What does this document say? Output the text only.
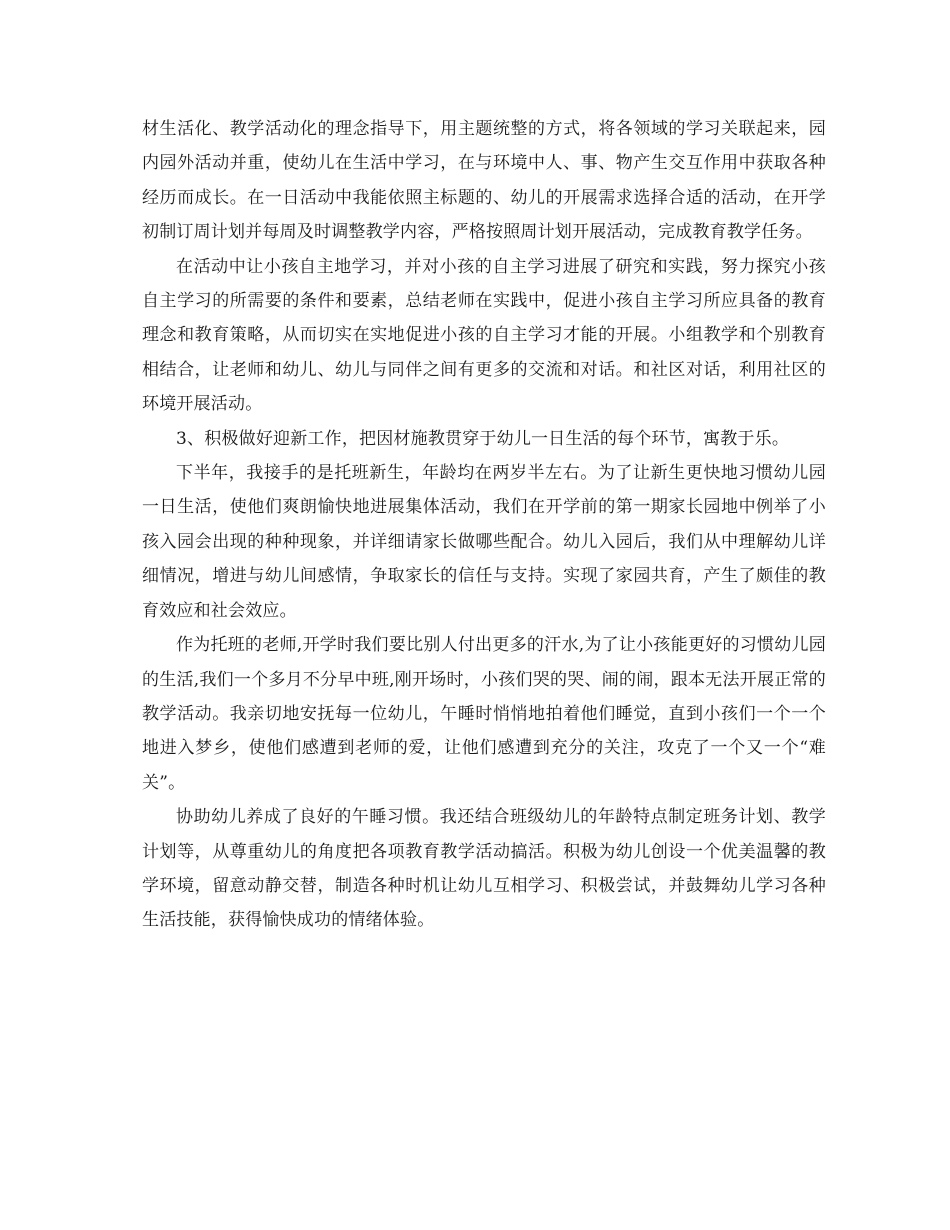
材生活化、教学活动化的理念指导下，用主题统整的方式，将各领域的学习关联起来，园内园外活动并重，使幼儿在生活中学习，在与环境中人、事、物产生交互作用中获取各种经历而成长。在一日活动中我能依照主标题的、幼儿的开展需求选择合适的活动，在开学初制订周计划并每周及时调整教学内容，严格按照周计划开展活动，完成教育教学任务。

在活动中让小孩自主地学习，并对小孩的自主学习进展了研究和实践，努力探究小孩自主学习的所需要的条件和要素，总结老师在实践中，促进小孩自主学习所应具备的教育理念和教育策略，从而切实在实地促进小孩的自主学习才能的开展。小组教学和个别教育相结合，让老师和幼儿、幼儿与同伴之间有更多的交流和对话。和社区对话，利用社区的环境开展活动。

3、积极做好迎新工作，把因材施教贯穿于幼儿一日生活的每个环节，寓教于乐。

下半年，我接手的是托班新生，年龄均在两岁半左右。为了让新生更快地习惯幼儿园一日生活，使他们爽朗愉快地进展集体活动，我们在开学前的第一期家长园地中例举了小孩入园会出现的种种现象，并详细请家长做哪些配合。幼儿入园后，我们从中理解幼儿详细情况，增进与幼儿间感情，争取家长的信任与支持。实现了家园共育，产生了颇佳的教育效应和社会效应。

作为托班的老师,开学时我们要比别人付出更多的汗水,为了让小孩能更好的习惯幼儿园的生活,我们一个多月不分早中班,刚开场时，小孩们哭的哭、闹的闹，跟本无法开展正常的教学活动。我亲切地安抚每一位幼儿，午睡时悄悄地拍着他们睡觉，直到小孩们一个一个地进入梦乡，使他们感遭到老师的爱，让他们感遭到充分的关注，攻克了一个又一个“难关”。

协助幼儿养成了良好的午睡习惯。我还结合班级幼儿的年龄特点制定班务计划、教学计划等，从尊重幼儿的角度把各项教育教学活动搞活。积极为幼儿创设一个优美温馨的教学环境，留意动静交替，制造各种时机让幼儿互相学习、积极尝试，并鼓舞幼儿学习各种生活技能，获得愉快成功的情绪体验。
